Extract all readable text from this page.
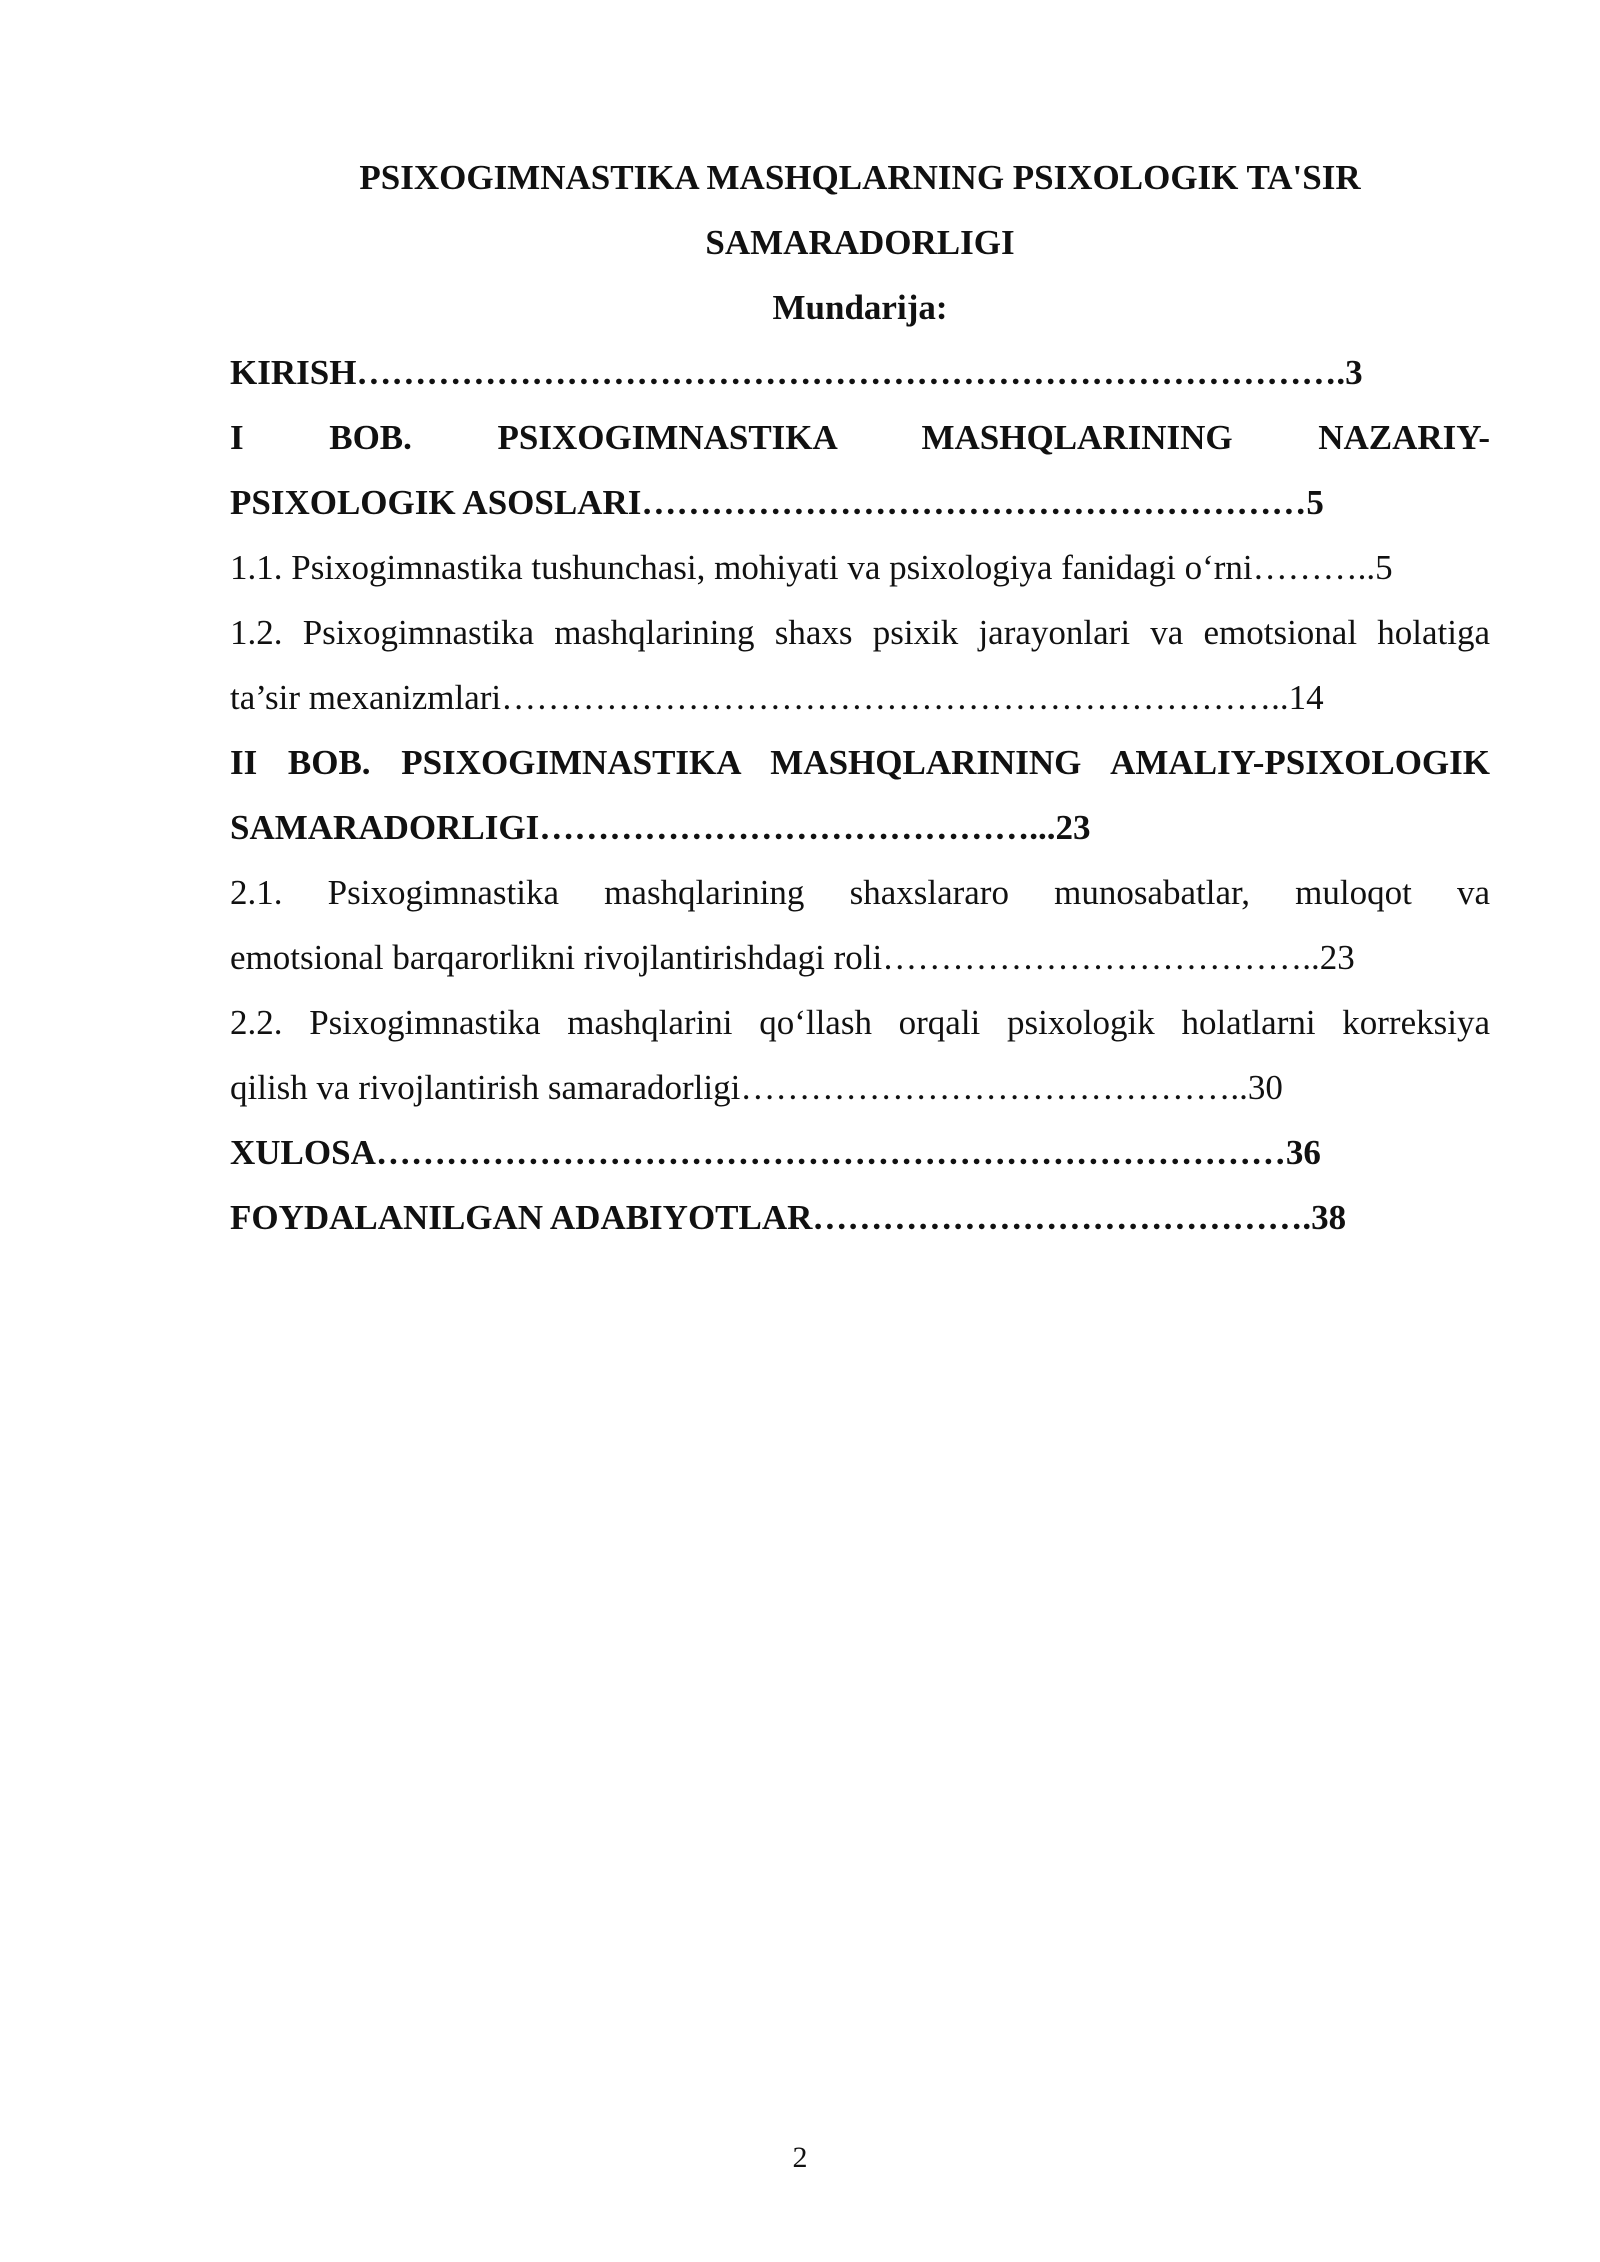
PSIXOGIMNASTIKA MASHQLARNING PSIXOLOGIK TA'SIR
SAMARADORLIGI
Mundarija:
KIRISH………………………………………………………………………….3
I BOB. PSIXOGIMNASTIKA MASHQLARINING NAZARIY-
PSIXOLOGIK ASOSLARI…………………………………………………5
1.1. Psixogimnastika tushunchasi, mohiyati va psixologiya fanidagi o‘rni………..5
1.2. Psixogimnastika mashqlarining shaxs psixik jarayonlari va emotsional holatiga
ta’sir mexanizmlari…………………………………………………………..14
II BOB. PSIXOGIMNASTIKA MASHQLARINING AMALIY-PSIXOLOGIK
SAMARADORLIGI……………………………………...23
2.1. Psixogimnastika mashqlarining shaxslararo munosabatlar, muloqot va
emotsional barqarorlikni rivojlantirishdagi roli………………………………..23
2.2. Psixogimnastika mashqlarini qo‘llash orqali psixologik holatlarni korreksiya
qilish va rivojlantirish samaradorligi……………………………………..30
XULOSA……………………………………………………………………36
FOYDALANILGAN ADABIYOTLAR…………………………………….38
2
